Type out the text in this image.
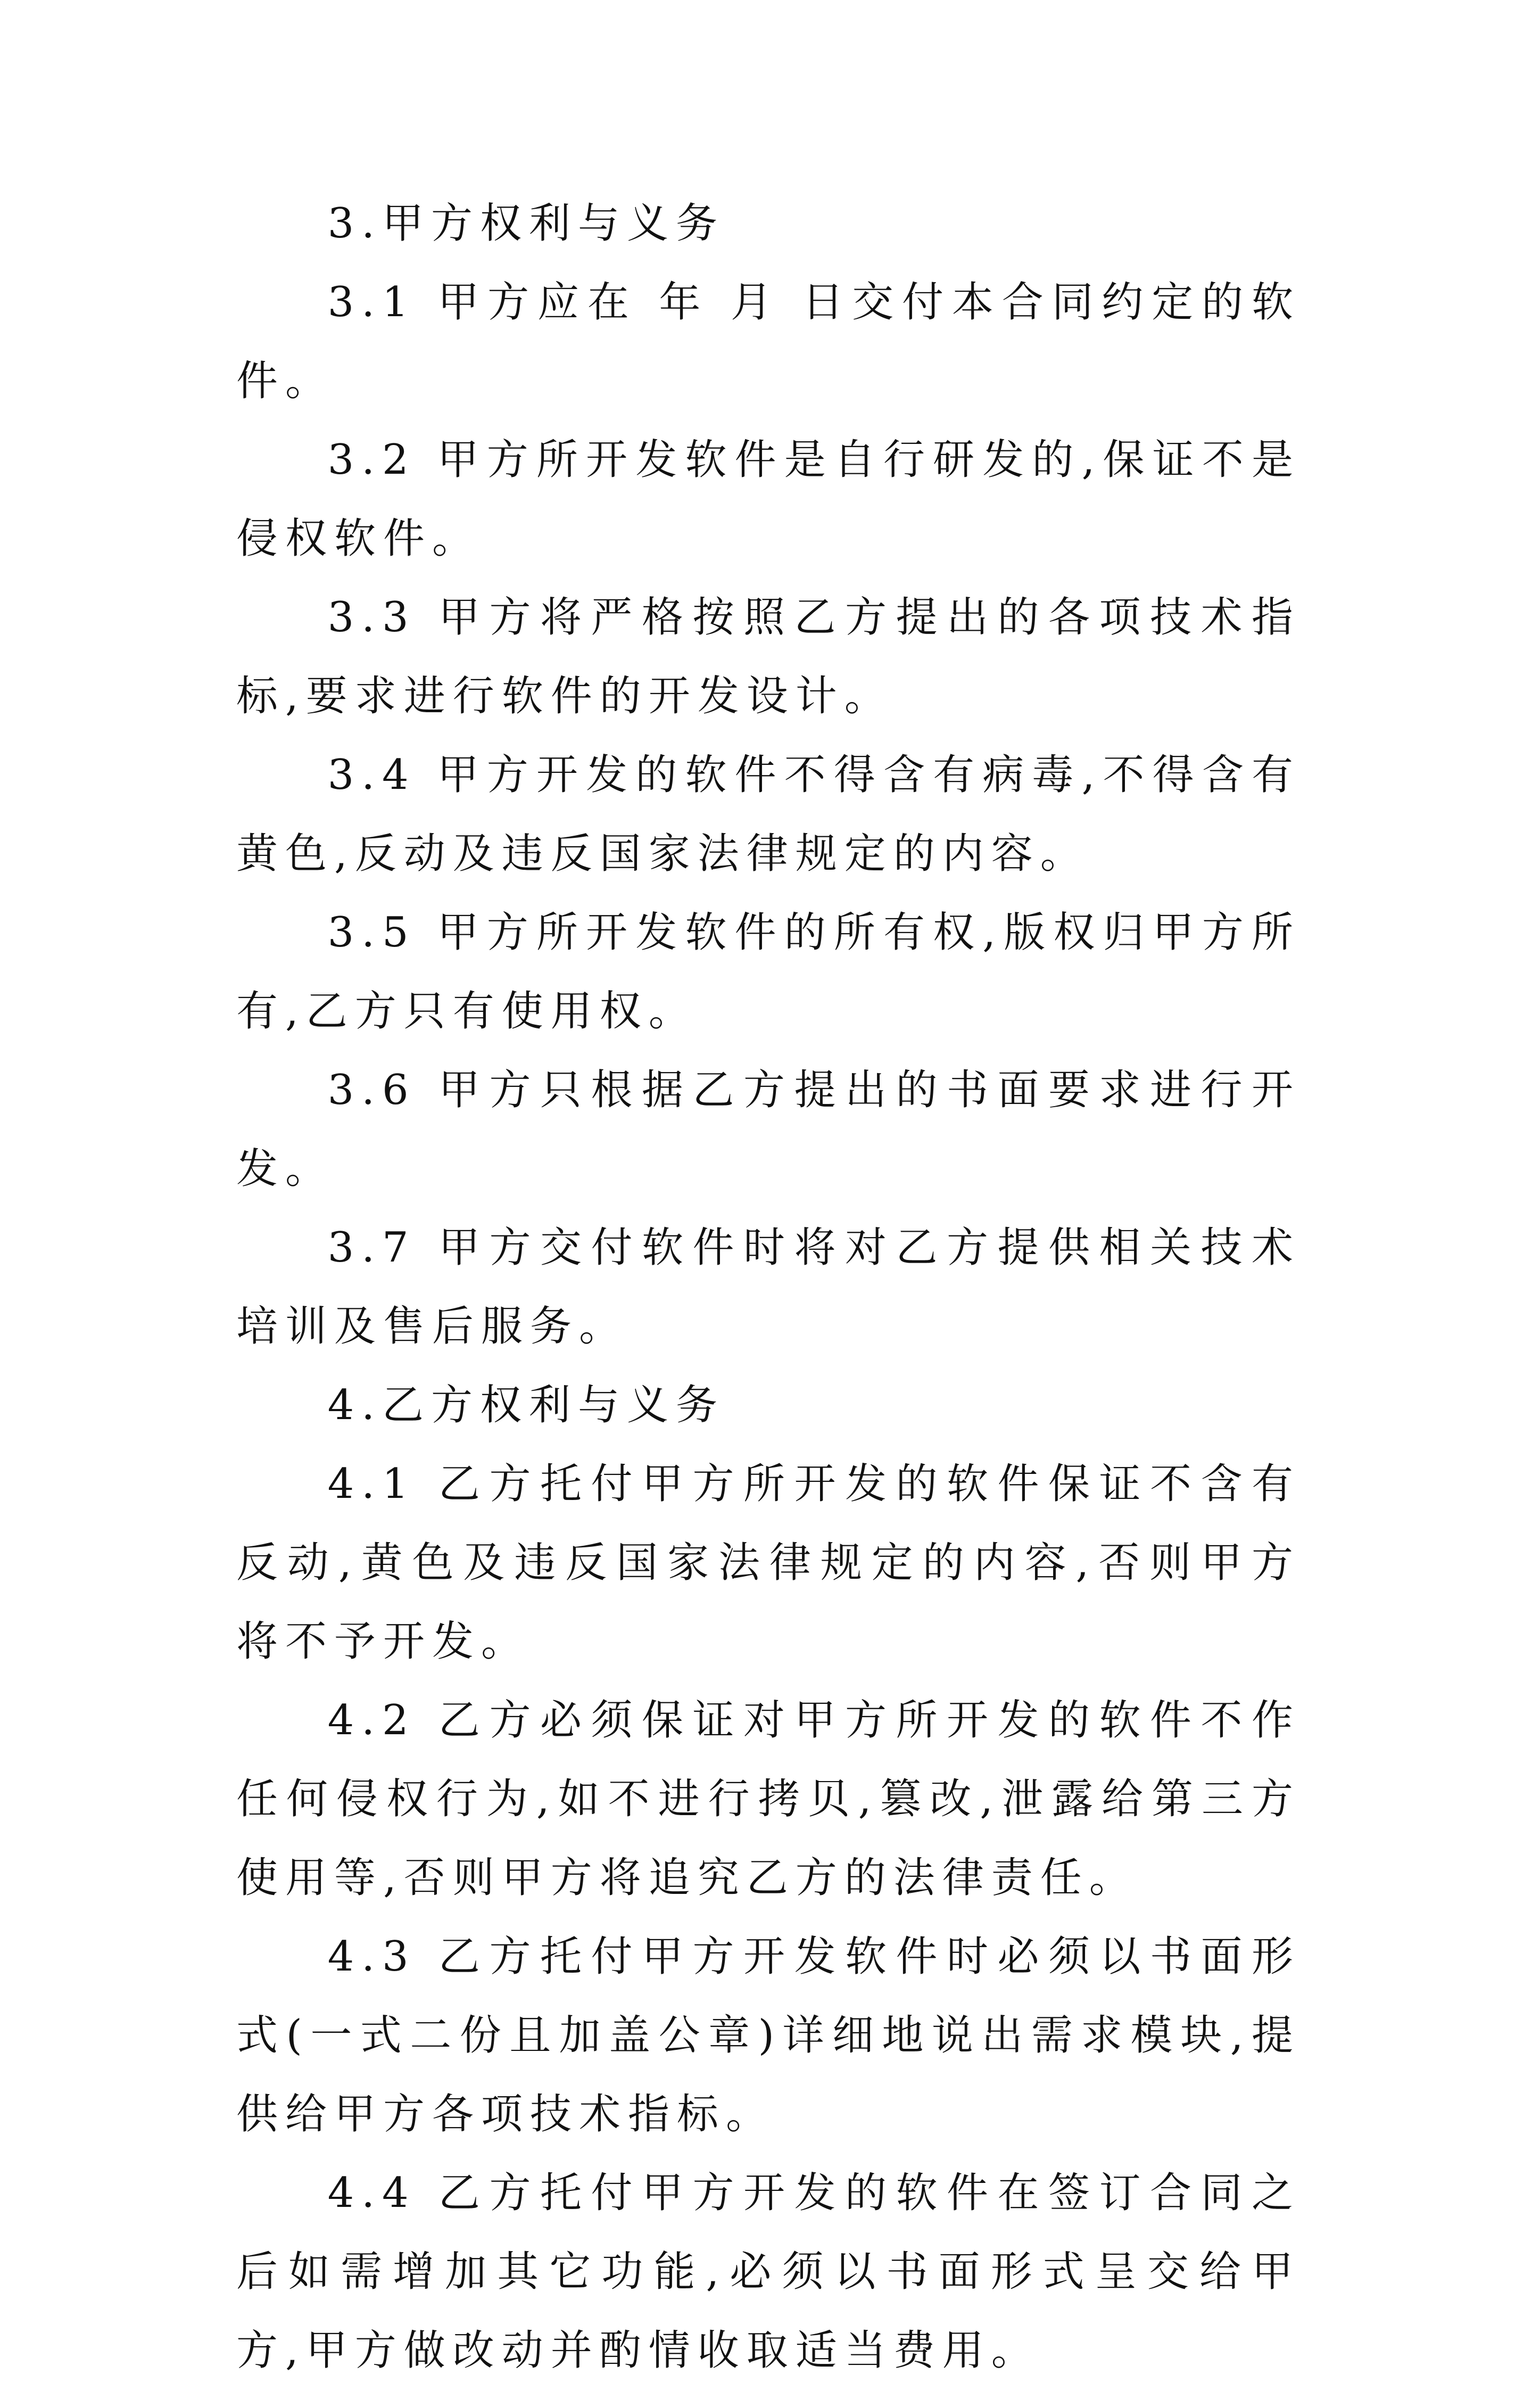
3.甲方权利与义务

3.1 甲方应在 年 月 日交付本合同约定的软件。

3.2 甲方所开发软件是自行研发的,保证不是侵权软件。

3.3 甲方将严格按照乙方提出的各项技术指标,要求进行软件的开发设计。

3.4 甲方开发的软件不得含有病毒,不得含有黄色,反动及违反国家法律规定的内容。

3.5 甲方所开发软件的所有权,版权归甲方所有,乙方只有使用权。

3.6 甲方只根据乙方提出的书面要求进行开发。

3.7 甲方交付软件时将对乙方提供相关技术培训及售后服务。

4.乙方权利与义务

4.1 乙方托付甲方所开发的软件保证不含有反动,黄色及违反国家法律规定的内容,否则甲方将不予开发。

4.2 乙方必须保证对甲方所开发的软件不作任何侵权行为,如不进行拷贝,篡改,泄露给第三方使用等,否则甲方将追究乙方的法律责任。

4.3 乙方托付甲方开发软件时必须以书面形式(一式二份且加盖公章)详细地说出需求模块,提供给甲方各项技术指标。

4.4 乙方托付甲方开发的软件在签订合同之后如需增加其它功能,必须以书面形式呈交给甲方,甲方做改动并酌情收取适当费用。
